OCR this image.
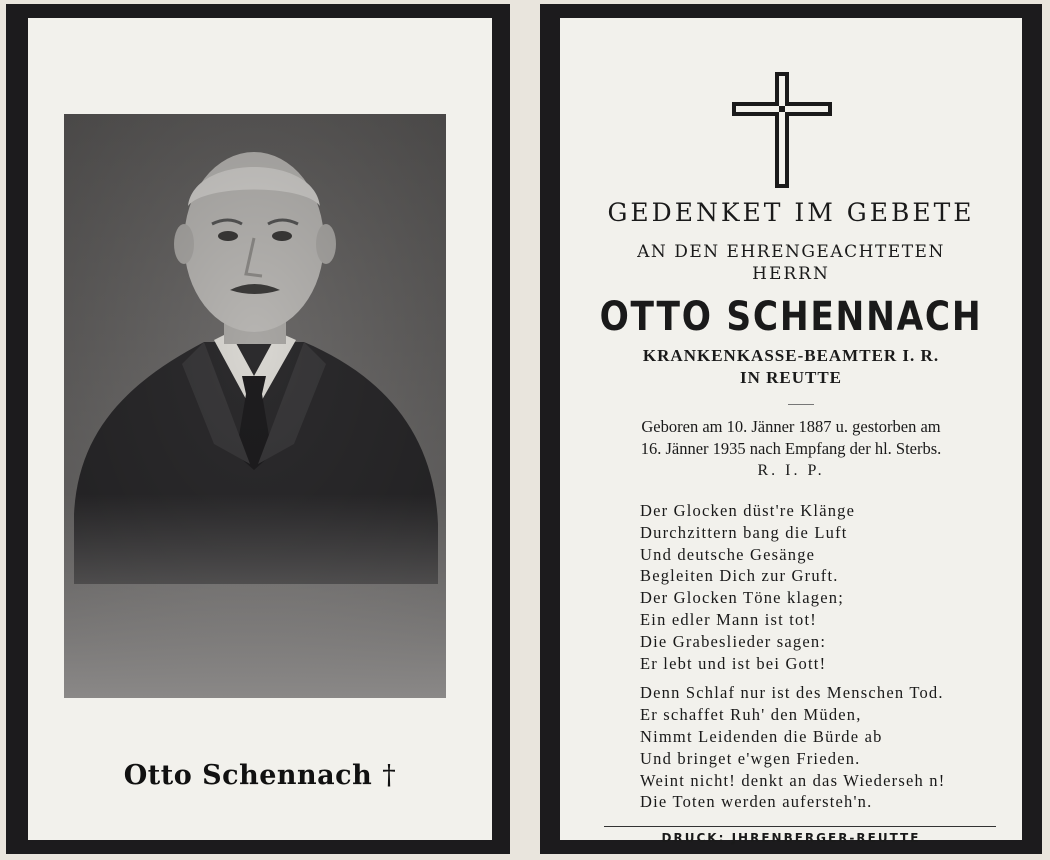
Otto Schennach †
GEDENKET IM GEBETE
AN DEN EHRENGEACHTETEN
HERRN
OTTO SCHENNACH
KRANKENKASSE-BEAMTER I. R.
IN REUTTE
Geboren am 10. Jänner 1887 u. gestorben am
16. Jänner 1935 nach Empfang der hl. Sterbs.
R. I. P.
Der Glocken düst're Klänge
Durchzittern bang die Luft
Und deutsche Gesänge
Begleiten Dich zur Gruft.
Der Glocken Töne klagen;
Ein edler Mann ist tot!
Die Grabeslieder sagen:
Er lebt und ist bei Gott!
Denn Schlaf nur ist des Menschen Tod.
Er schaffet Ruh' den Müden,
Nimmt Leidenden die Bürde ab
Und bringet e'wgen Frieden.
Weint nicht! denkt an das Wiederseh n!
Die Toten werden aufersteh'n.
DRUCK: JHRENBERGER-REUTTE
